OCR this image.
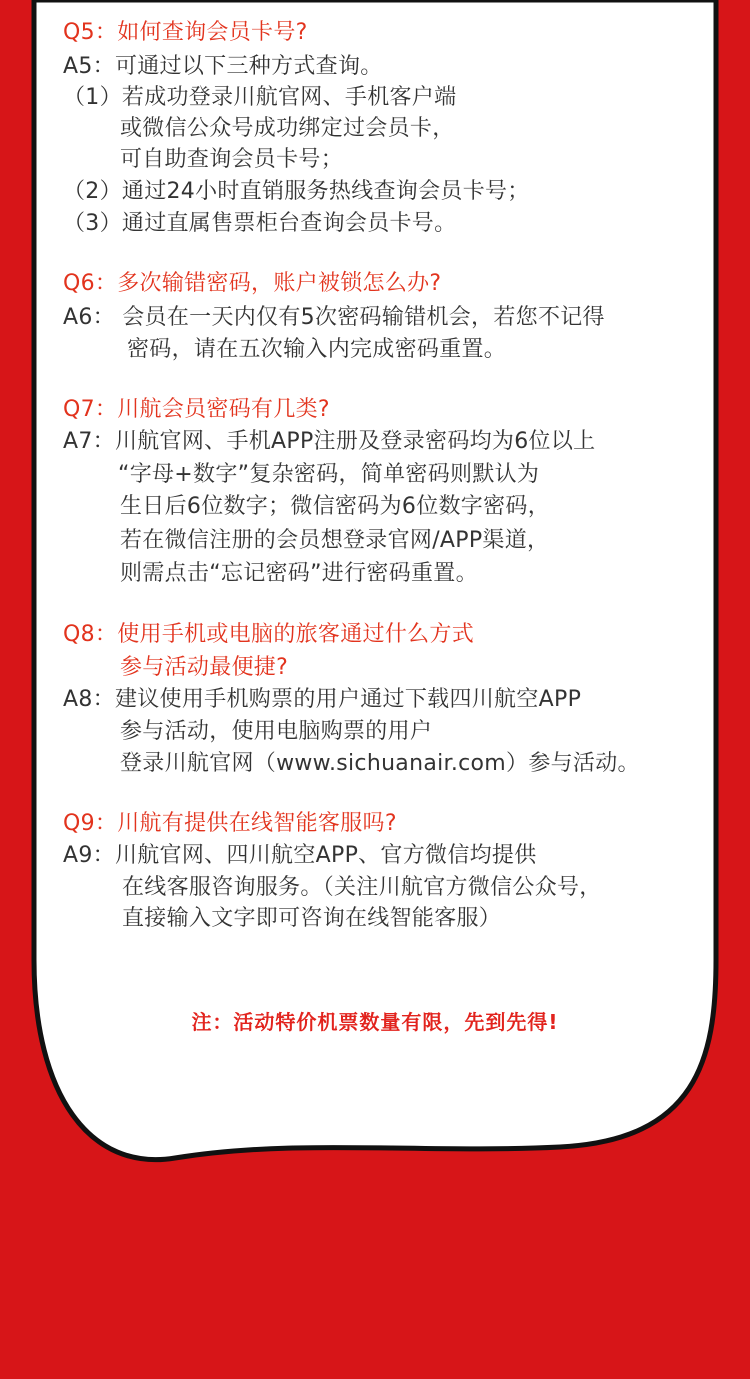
Q5：如何查询会员卡号?

A5：可通过以下三种方式查询。

（1）若成功登录川航官网、手机客户端

或微信公众号成功绑定过会员卡，

可自助查询会员卡号；

（2）通过24小时直销服务热线查询会员卡号；

（3）通过直属售票柜台查询会员卡号。

Q6：多次输错密码，账户被锁怎么办?

A6： 会员在一天内仅有5次密码输错机会，若您不记得

密码，请在五次输入内完成密码重置。

Q7：川航会员密码有几类?

A7：川航官网、手机APP注册及登录密码均为6位以上

“字母+数字”复杂密码，简单密码则默认为

生日后6位数字；微信密码为6位数字密码，

若在微信注册的会员想登录官网/APP渠道，

则需点击“忘记密码”进行密码重置。

Q8：使用手机或电脑的旅客通过什么方式

参与活动最便捷?

A8：建议使用手机购票的用户通过下载四川航空APP

参与活动，使用电脑购票的用户

登录川航官网（www.sichuanair.com）参与活动。

Q9：川航有提供在线智能客服吗?

A9：川航官网、四川航空APP、官方微信均提供

在线客服咨询服务。（关注川航官方微信公众号，

直接输入文字即可咨询在线智能客服）

注：活动特价机票数量有限，先到先得!
